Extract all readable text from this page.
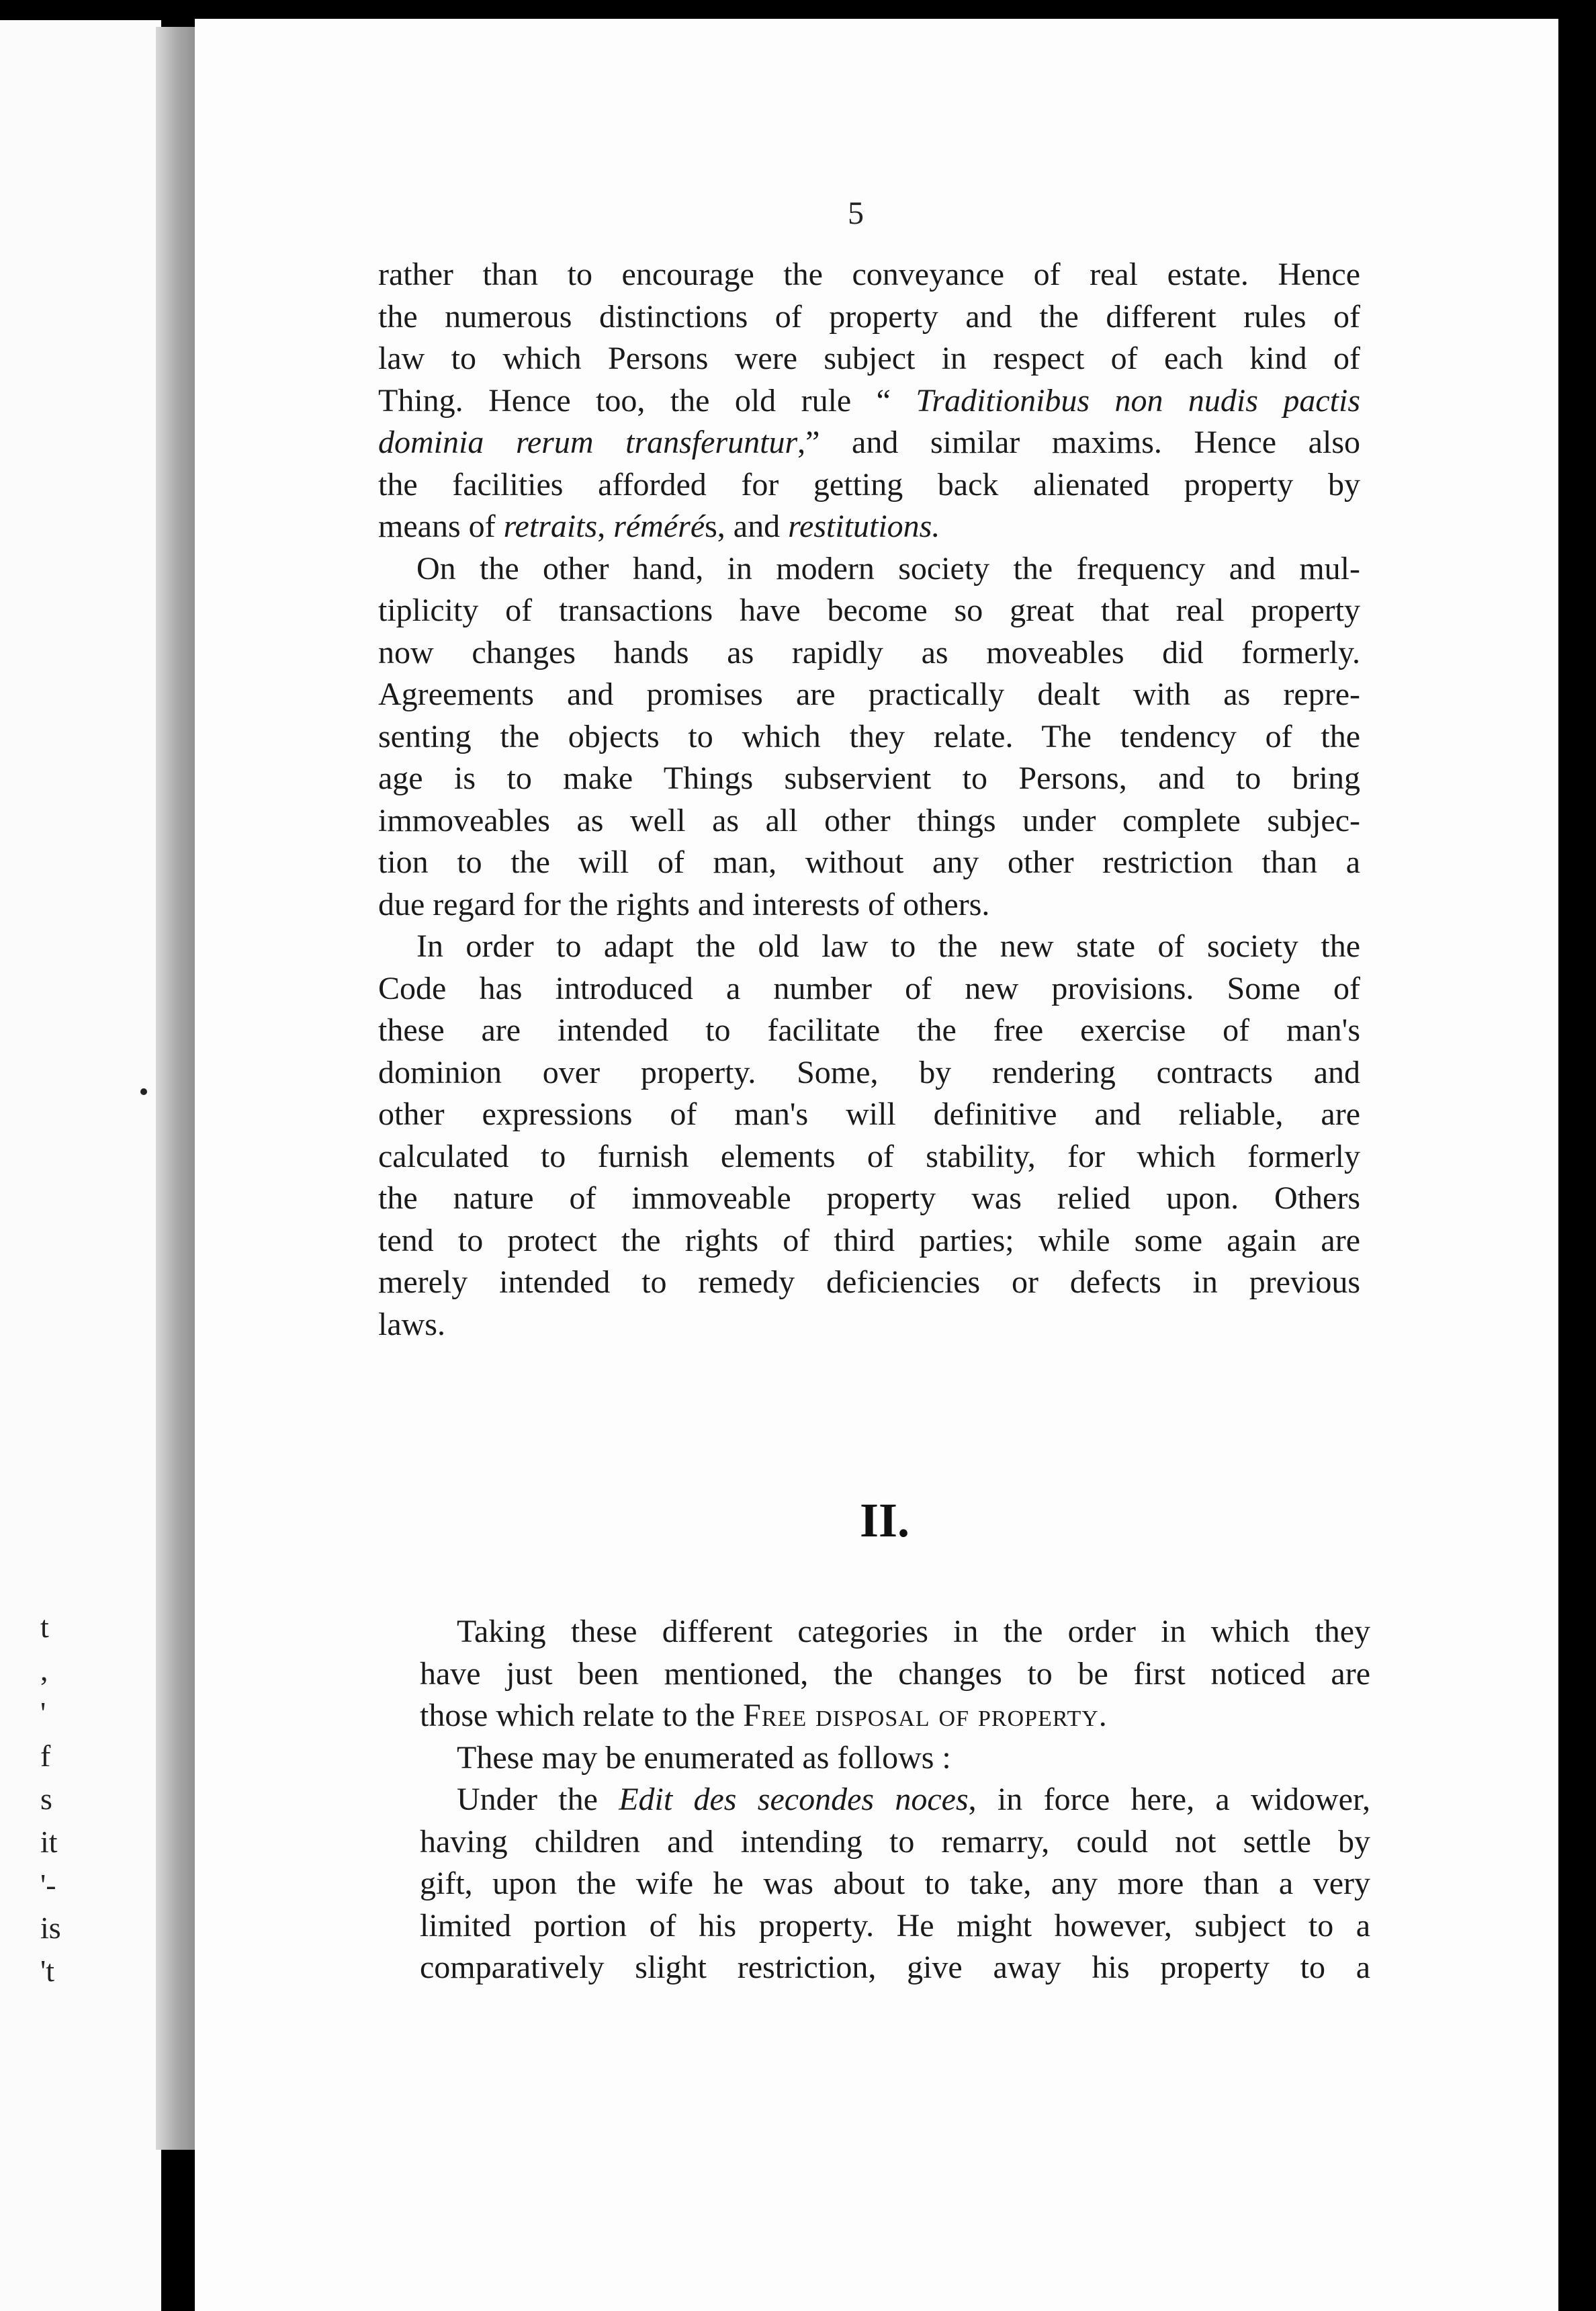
t
,
'
f
s
it
'-
is
't
5
rather than to encourage the conveyance of real estate. Hence
the numerous distinctions of property and the different rules of
law to which Persons were subject in respect of each kind of
Thing. Hence too, the old rule “ Traditionibus non nudis pactis
dominia rerum transferuntur,” and similar maxims. Hence also
the facilities afforded for getting back alienated property by
means of retraits, rémérés, and restitutions.
On the other hand, in modern society the frequency and mul-
tiplicity of transactions have become so great that real property
now changes hands as rapidly as moveables did formerly.
Agreements and promises are practically dealt with as repre-
senting the objects to which they relate. The tendency of the
age is to make Things subservient to Persons, and to bring
immoveables as well as all other things under complete subjec-
tion to the will of man, without any other restriction than a
due regard for the rights and interests of others.
In order to adapt the old law to the new state of society the
Code has introduced a number of new provisions. Some of
these are intended to facilitate the free exercise of man's
dominion over property. Some, by rendering contracts and
other expressions of man's will definitive and reliable, are
calculated to furnish elements of stability, for which formerly
the nature of immoveable property was relied upon. Others
tend to protect the rights of third parties; while some again are
merely intended to remedy deficiencies or defects in previous
laws.
II.
Taking these different categories in the order in which they
have just been mentioned, the changes to be first noticed are
those which relate to the Free disposal of property.
These may be enumerated as follows :
Under the Edit des secondes noces, in force here, a widower,
having children and intending to remarry, could not settle by
gift, upon the wife he was about to take, any more than a very
limited portion of his property. He might however, subject to a
comparatively slight restriction, give away his property to a
